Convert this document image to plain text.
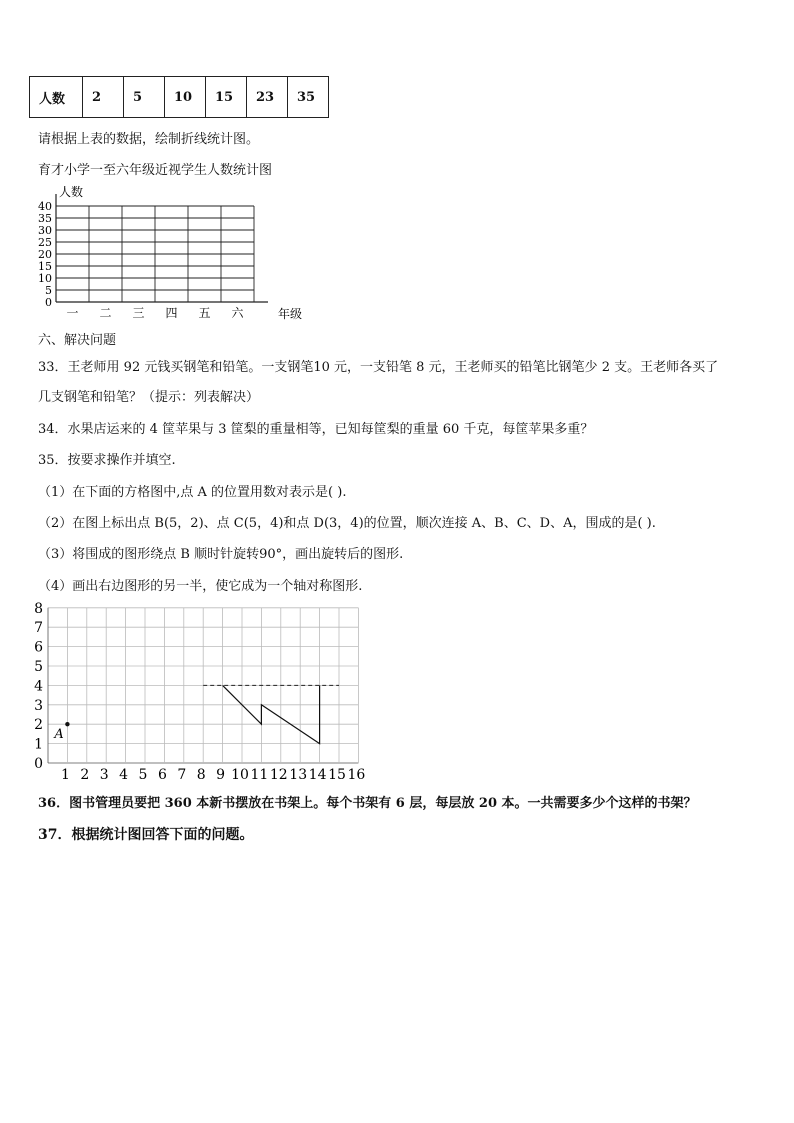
人数	2	5	10	15	23	35
请根据上表的数据，绘制折线统计图。
育才小学一至六年级近视学生人数统计图
40
35
30
25
20
15
10
5
0
一 二 三 四 五 六
人数
年级
六、解决问题
33．王老师用 92 元钱买钢笔和铅笔。一支钢笔10 元，一支铅笔 8 元，王老师买的铅笔比钢笔少 2 支。王老师各买了
几支钢笔和铅笔？（提示：列表解决）
34．水果店运来的 4 筐苹果与 3 筐梨的重量相等，已知每筐梨的重量 60 千克，每筐苹果多重？
35．按要求操作并填空.
（1）在下面的方格图中,点 A 的位置用数对表示是( ).
（2）在图上标出点 B(5，2)、点 C(5，4)和点 D(3，4)的位置，顺次连接 A、B、C、D、A，围成的是( ).
（3）将围成的图形绕点 B 顺时针旋转90°，画出旋转后的图形.
（4）画出右边图形的另一半，使它成为一个轴对称图形.
8
7
6
5
4
3
2
1
0
1 2 3 4 5 6 7 8 9 10 11 12 13 14 15 16
A
36．图书管理员要把 360 本新书摆放在书架上。每个书架有 6 层，每层放 20 本。一共需要多少个这样的书架？
37．根据统计图回答下面的问题。
